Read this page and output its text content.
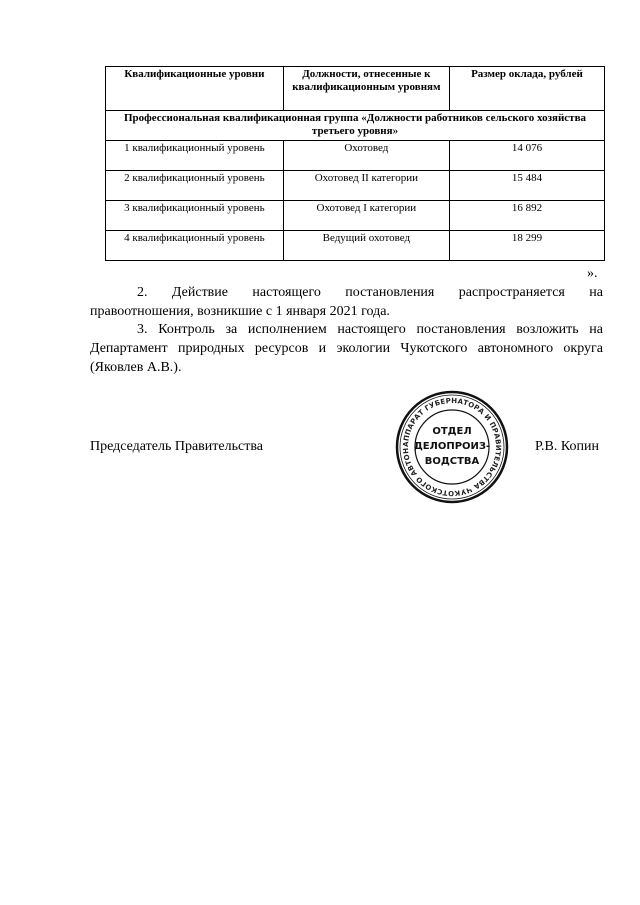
Квалификационные уровни	Должности, отнесенные к квалификационным уровням	Размер оклада, рублей
Профессиональная квалификационная группа «Должности работников сельского хозяйства третьего уровня»		
1 квалификационный уровень	Охотовед	14 076
2 квалификационный уровень	Охотовед II категории	15 484
3 квалификационный уровень	Охотовед I категории	16 892
4 квалификационный уровень	Ведущий охотовед	18 299
».
2. Действие настоящего постановления распространяется на
правоотношения, возникшие с 1 января 2021 года.
3. Контроль за исполнением настоящего постановления возложить на Департамент природных ресурсов и экологии Чукотского автономного округа (Яковлев А.В.).
Председатель Правительства	Р.В. Копин
АППАРАТ ГУБЕРНАТОРА И ПРАВИТЕЛЬСТВА ЧУКОТСКОГО АВТОН
ОТДЕЛ
ДЕЛОПРОИЗ-
ВОДСТВА
